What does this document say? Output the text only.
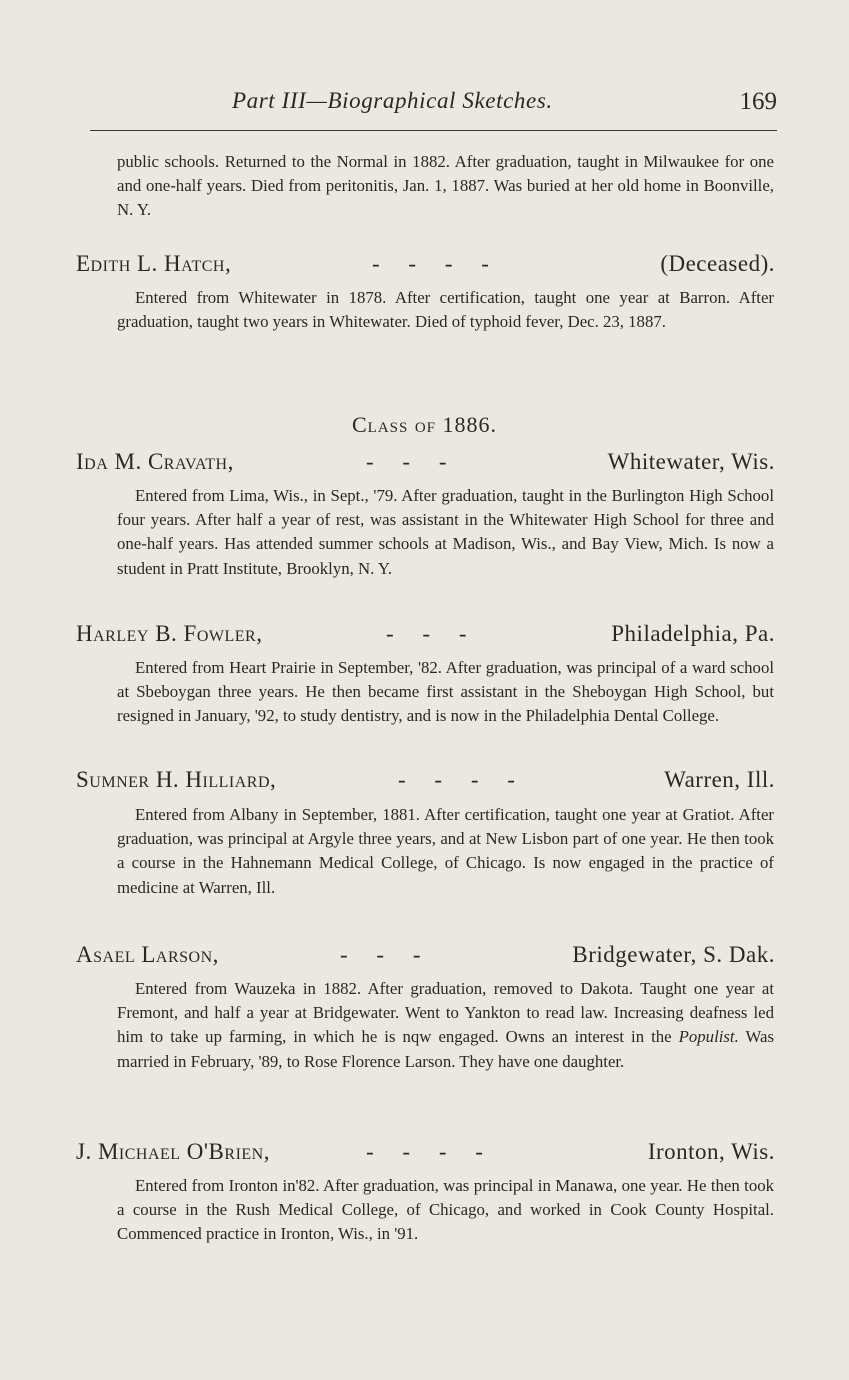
Part III—Biographical Sketches.	169

public schools. Returned to the Normal in 1882. After graduation, taught in Milwaukee for one and one-half years. Died from peritonitis, Jan. 1, 1887. Was buried at her old home in Boonville, N. Y.

Edith L. Hatch,	- - - -	(Deceased).

Entered from Whitewater in 1878. After certification, taught one year at Barron. After graduation, taught two years in Whitewater. Died of typhoid fever, Dec. 23, 1887.

Class of 1886.
Ida M. Cravath,	- - -	Whitewater, Wis.

Entered from Lima, Wis., in Sept., '79. After graduation, taught in the Burlington High School four years. After half a year of rest, was assistant in the Whitewater High School for three and one-half years. Has attended summer schools at Madison, Wis., and Bay View, Mich. Is now a student in Pratt Institute, Brooklyn, N. Y.

Harley B. Fowler,	- - -	Philadelphia, Pa.

Entered from Heart Prairie in September, '82. After graduation, was principal of a ward school at Sbeboygan three years. He then became first assistant in the Sheboygan High School, but resigned in January, '92, to study dentistry, and is now in the Philadelphia Dental College.

Sumner H. Hilliard,	- - - -	Warren, Ill.

Entered from Albany in September, 1881. After certification, taught one year at Gratiot. After graduation, was principal at Argyle three years, and at New Lisbon part of one year. He then took a course in the Hahnemann Medical College, of Chicago. Is now engaged in the practice of medicine at Warren, Ill.

Asael Larson,	- - -	Bridgewater, S. Dak.

Entered from Wauzeka in 1882. After graduation, removed to Dakota. Taught one year at Fremont, and half a year at Bridgewater. Went to Yankton to read law. Increasing deafness led him to take up farming, in which he is nqw engaged. Owns an interest in the Populist. Was married in February, '89, to Rose Florence Larson. They have one daughter.

J. Michael O'Brien,	- - - -	Ironton, Wis.

Entered from Ironton in'82. After graduation, was principal in Manawa, one year. He then took a course in the Rush Medical College, of Chicago, and worked in Cook County Hospital. Commenced practice in Ironton, Wis., in '91.
